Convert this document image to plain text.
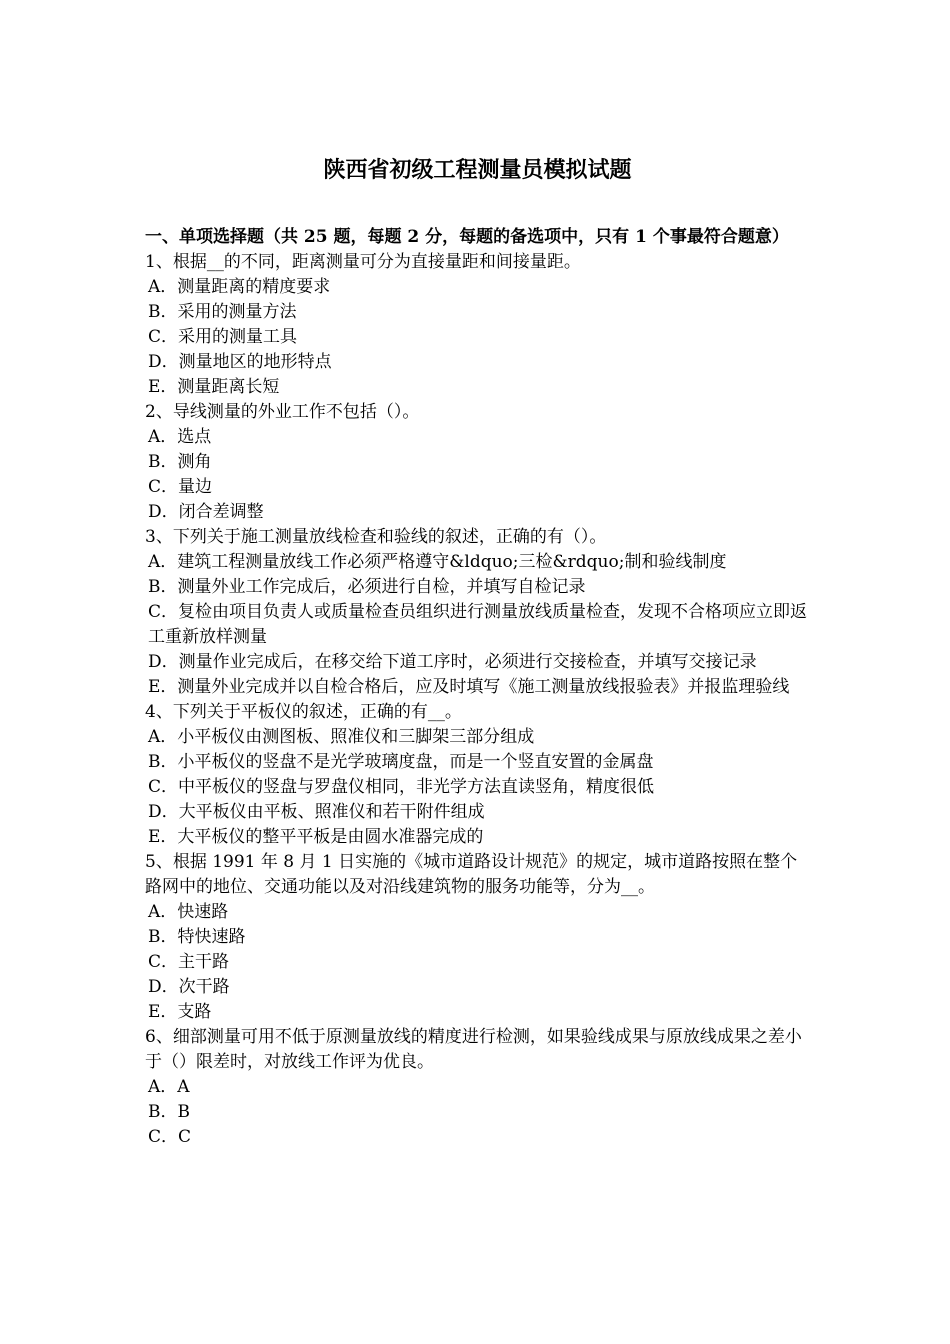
陕西省初级工程测量员模拟试题

一、单项选择题（共 25 题，每题 2 分，每题的备选项中，只有 1 个事最符合题意）

1、根据__的不同，距离测量可分为直接量距和间接量距。

A．测量距离的精度要求

B．采用的测量方法

C．采用的测量工具

D．测量地区的地形特点

E．测量距离长短

2、导线测量的外业工作不包括（）。

A．选点

B．测角

C．量边

D．闭合差调整

3、下列关于施工测量放线检查和验线的叙述，正确的有（）。

A．建筑工程测量放线工作必须严格遵守&ldquo;三检&rdquo;制和验线制度

B．测量外业工作完成后，必须进行自检，并填写自检记录

C．复检由项目负责人或质量检查员组织进行测量放线质量检查，发现不合格项应立即返工重新放样测量

D．测量作业完成后，在移交给下道工序时，必须进行交接检查，并填写交接记录

E．测量外业完成并以自检合格后，应及时填写《施工测量放线报验表》并报监理验线

4、下列关于平板仪的叙述，正确的有__。

A．小平板仪由测图板、照准仪和三脚架三部分组成

B．小平板仪的竖盘不是光学玻璃度盘，而是一个竖直安置的金属盘

C．中平板仪的竖盘与罗盘仪相同，非光学方法直读竖角，精度很低

D．大平板仪由平板、照准仪和若干附件组成

E．大平板仪的整平平板是由圆水准器完成的

5、根据 1991 年 8 月 1 日实施的《城市道路设计规范》的规定，城市道路按照在整个路网中的地位、交通功能以及对沿线建筑物的服务功能等，分为__。

A．快速路

B．特快速路

C．主干路

D．次干路

E．支路

6、细部测量可用不低于原测量放线的精度进行检测，如果验线成果与原放线成果之差小于（）限差时，对放线工作评为优良。

A．A

B．B

C．C
